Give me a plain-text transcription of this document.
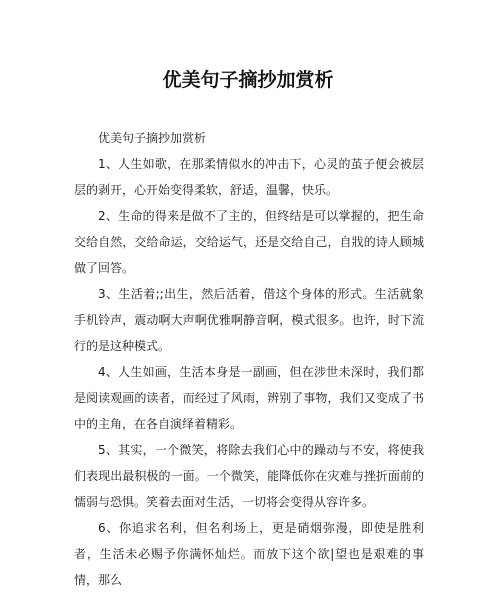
优美句子摘抄加赏析

优美句子摘抄加赏析

1、人生如歌，在那柔情似水的冲击下，心灵的茧子便会被层层的剥开，心开始变得柔软，舒适，温馨，快乐。

2、生命的得来是做不了主的，但终结是可以掌握的，把生命交给自然，交给命运，交给运气，还是交给自己，自戕的诗人顾城做了回答。

3、生活着;;出生，然后活着，借这个身体的形式。生活就象手机铃声，震动啊大声啊优雅啊静音啊，模式很多。也许，时下流行的是这种模式。

4、人生如画，生活本身是一副画，但在涉世未深时，我们都是阅读观画的读者，而经过了风雨，辨别了事物，我们又变成了书中的主角，在各自演绎着精彩。

5、其实，一个微笑，将除去我们心中的躁动与不安，将使我们表现出最积极的一面。一个微笑，能降低你在灾难与挫折面前的懦弱与恐惧。笑着去面对生活，一切将会变得从容许多。

6、你追求名利，但名利场上，更是硝烟弥漫，即使是胜利者，生活未必赐予你满怀灿烂。而放下这个欲|望也是艰难的事情，那么
